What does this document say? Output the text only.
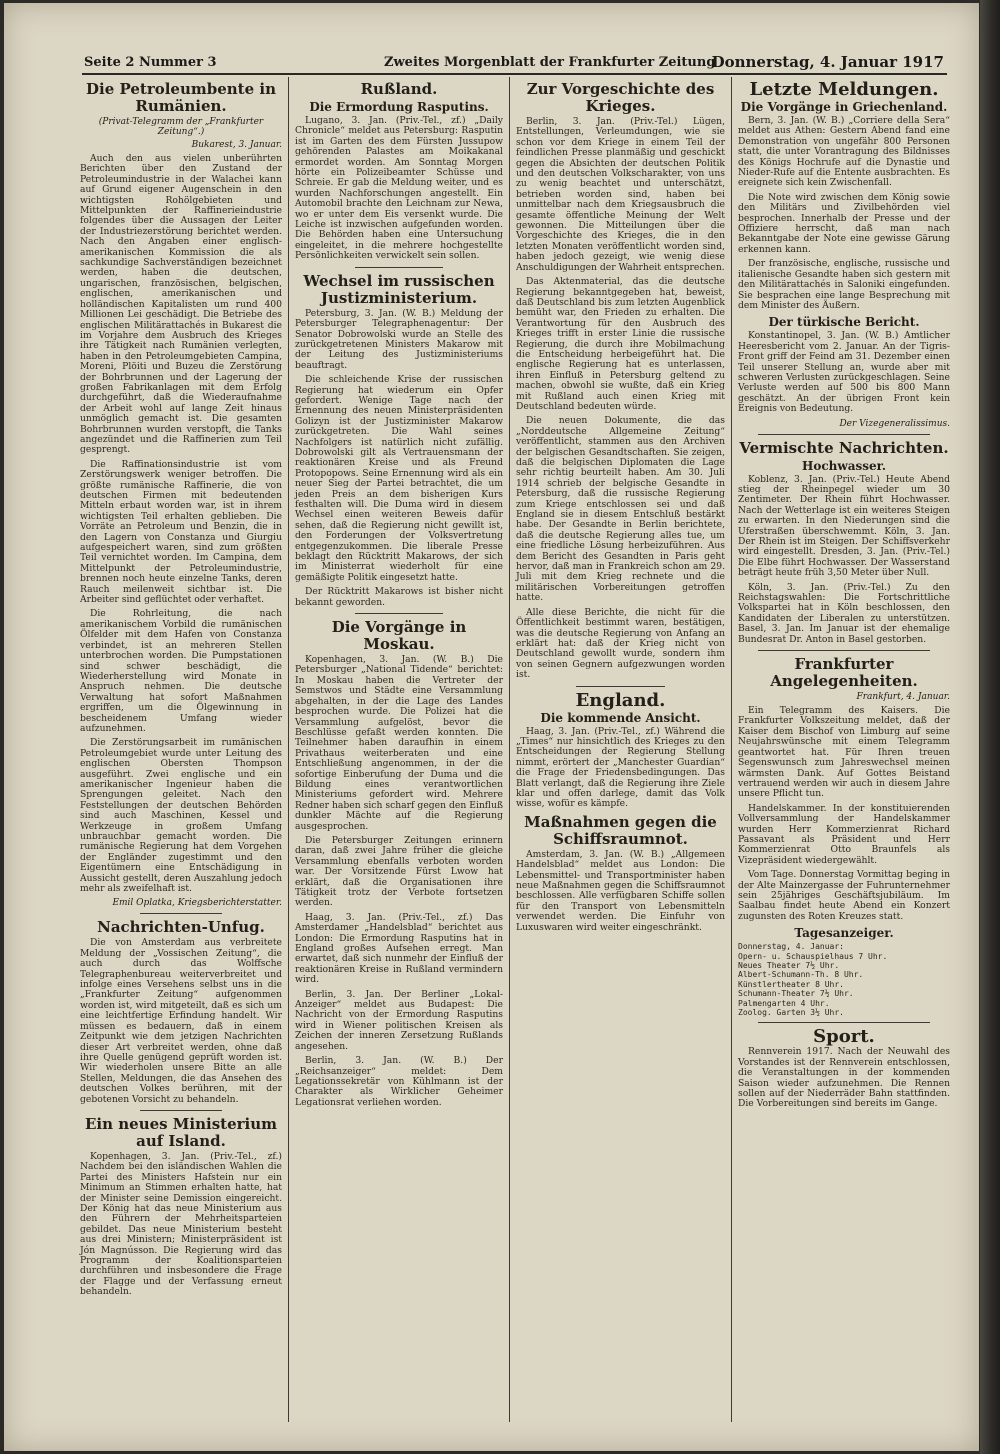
Seite 2 Nummer 3	Zweites Morgenblatt der Frankfurter Zeitung
Donnerstag, 4. Januar 1917
Die Petroleumbente in Rumänien.
(Privat-Telegramm der „Frankfurter Zeitung“.)
Bukarest, 3. Januar.

Auch den aus vielen unberührten Berichten über den Zustand der Petroleumindustrie in der Walachei kann auf Grund eigener Augenschein in den wichtigsten Rohölgebieten und Mittelpunkten der Raffinerieindustrie folgendes über die Aussagen der Leiter der Industriezerstörung berichtet werden. Nach den Angaben einer englisch-amerikanischen Kommission die als sachkundige Sachverständigen bezeichnet werden, haben die deutschen, ungarischen, französischen, belgischen, englischen, amerikanischen und holländischen Kapitalisten um rund 400 Millionen Lei geschädigt. Die Betriebe des englischen Militärattachés in Bukarest die im Vorjahre dem Ausbruch des Krieges ihre Tätigkeit nach Rumänien verlegten, haben in den Petroleumgebieten Campina, Moreni, Plöiti und Buzeu die Zerstörung der Bohrbrunnen und der Lagerung der großen Fabrikanlagen mit dem Erfolg durchgeführt, daß die Wiederaufnahme der Arbeit wohl auf lange Zeit hinaus unmöglich gemacht ist. Die gesamten Bohrbrunnen wurden verstopft, die Tanks angezündet und die Raffinerien zum Teil gesprengt.

Die Raffinationsindustrie ist vom Zerstörungswerk weniger betroffen. Die größte rumänische Raffinerie, die von deutschen Firmen mit bedeutenden Mitteln erbaut worden war, ist in ihrem wichtigsten Teil erhalten geblieben. Die Vorräte an Petroleum und Benzin, die in den Lagern von Constanza und Giurgiu aufgespeichert waren, sind zum größten Teil vernichtet worden. Im Campina, dem Mittelpunkt der Petroleumindustrie, brennen noch heute einzelne Tanks, deren Rauch meilenweit sichtbar ist. Die Arbeiter sind geflüchtet oder verhaftet.

Die Rohrleitung, die nach amerikanischem Vorbild die rumänischen Ölfelder mit dem Hafen von Constanza verbindet, ist an mehreren Stellen unterbrochen worden. Die Pumpstationen sind schwer beschädigt, die Wiederherstellung wird Monate in Anspruch nehmen. Die deutsche Verwaltung hat sofort Maßnahmen ergriffen, um die Ölgewinnung in bescheidenem Umfang wieder aufzunehmen.

Die Zerstörungsarbeit im rumänischen Petroleumgebiet wurde unter Leitung des englischen Obersten Thompson ausgeführt. Zwei englische und ein amerikanischer Ingenieur haben die Sprengungen geleitet. Nach den Feststellungen der deutschen Behörden sind auch Maschinen, Kessel und Werkzeuge in großem Umfang unbrauchbar gemacht worden. Die rumänische Regierung hat dem Vorgehen der Engländer zugestimmt und den Eigentümern eine Entschädigung in Aussicht gestellt, deren Auszahlung jedoch mehr als zweifelhaft ist.

Emil Oplatka, Kriegsberichterstatter.
Nachrichten-Unfug.

Die von Amsterdam aus verbreitete Meldung der „Vossischen Zeitung“, die auch durch das Wolffsche Telegraphenbureau weiterverbreitet und infolge eines Versehens selbst uns in die „Frankfurter Zeitung“ aufgenommen worden ist, wird mitgeteilt, daß es sich um eine leichtfertige Erfindung handelt. Wir müssen es bedauern, daß in einem Zeitpunkt wie dem jetzigen Nachrichten dieser Art verbreitet werden, ohne daß ihre Quelle genügend geprüft worden ist. Wir wiederholen unsere Bitte an alle Stellen, Meldungen, die das Ansehen des deutschen Volkes berühren, mit der gebotenen Vorsicht zu behandeln.

Ein neues Ministerium auf Island.

Kopenhagen, 3. Jan. (Priv.-Tel., zf.) Nachdem bei den isländischen Wahlen die Partei des Ministers Hafstein nur ein Minimum an Stimmen erhalten hatte, hat der Minister seine Demission eingereicht. Der König hat das neue Ministerium aus den Führern der Mehrheitsparteien gebildet. Das neue Ministerium besteht aus drei Ministern; Ministerpräsident ist Jón Magnússon. Die Regierung wird das Programm der Koalitionsparteien durchführen und insbesondere die Frage der Flagge und der Verfassung erneut behandeln.

Rußland.
Die Ermordung Rasputins.

Lugano, 3. Jan. (Priv.-Tel., zf.) „Daily Chronicle“ meldet aus Petersburg: Rasputin ist im Garten des dem Fürsten Jussupow gehörenden Palastes am Moikakanal ermordet worden. Am Sonntag Morgen hörte ein Polizeibeamter Schüsse und Schreie. Er gab die Meldung weiter, und es wurden Nachforschungen angestellt. Ein Automobil brachte den Leichnam zur Newa, wo er unter dem Eis versenkt wurde. Die Leiche ist inzwischen aufgefunden worden. Die Behörden haben eine Untersuchung eingeleitet, in die mehrere hochgestellte Persönlichkeiten verwickelt sein sollen.

Wechsel im russischen Justizministerium.

Petersburg, 3. Jan. (W. B.) Meldung der Petersburger Telegraphenagentur: Der Senator Dobrowolski wurde an Stelle des zurückgetretenen Ministers Makarow mit der Leitung des Justizministeriums beauftragt.

Die schleichende Krise der russischen Regierung hat wiederum ein Opfer gefordert. Wenige Tage nach der Ernennung des neuen Ministerpräsidenten Golizyn ist der Justizminister Makarow zurückgetreten. Die Wahl seines Nachfolgers ist natürlich nicht zufällig. Dobrowolski gilt als Vertrauensmann der reaktionären Kreise und als Freund Protopopows. Seine Ernennung wird als ein neuer Sieg der Partei betrachtet, die um jeden Preis an dem bisherigen Kurs festhalten will. Die Duma wird in diesem Wechsel einen weiteren Beweis dafür sehen, daß die Regierung nicht gewillt ist, den Forderungen der Volksvertretung entgegenzukommen. Die liberale Presse beklagt den Rücktritt Makarows, der sich im Ministerrat wiederholt für eine gemäßigte Politik eingesetzt hatte.

Der Rücktritt Makarows ist bisher nicht bekannt geworden.

Die Vorgänge in Moskau.

Kopenhagen, 3. Jan. (W. B.) Die Petersburger „National Tidende“ berichtet: In Moskau haben die Vertreter der Semstwos und Städte eine Versammlung abgehalten, in der die Lage des Landes besprochen wurde. Die Polizei hat die Versammlung aufgelöst, bevor die Beschlüsse gefaßt werden konnten. Die Teilnehmer haben daraufhin in einem Privathaus weiterberaten und eine Entschließung angenommen, in der die sofortige Einberufung der Duma und die Bildung eines verantwortlichen Ministeriums gefordert wird. Mehrere Redner haben sich scharf gegen den Einfluß dunkler Mächte auf die Regierung ausgesprochen.

Die Petersburger Zeitungen erinnern daran, daß zwei Jahre früher die gleiche Versammlung ebenfalls verboten worden war. Der Vorsitzende Fürst Lwow hat erklärt, daß die Organisationen ihre Tätigkeit trotz der Verbote fortsetzen werden.

Haag, 3. Jan. (Priv.-Tel., zf.) Das Amsterdamer „Handelsblad“ berichtet aus London: Die Ermordung Rasputins hat in England großes Aufsehen erregt. Man erwartet, daß sich nunmehr der Einfluß der reaktionären Kreise in Rußland vermindern wird.

Berlin, 3. Jan. Der Berliner „Lokal-Anzeiger“ meldet aus Budapest: Die Nachricht von der Ermordung Rasputins wird in Wiener politischen Kreisen als Zeichen der inneren Zersetzung Rußlands angesehen.

Berlin, 3. Jan. (W. B.) Der „Reichsanzeiger“ meldet: Dem Legationssekretär von Kühlmann ist der Charakter als Wirklicher Geheimer Legationsrat verliehen worden.

Zur Vorgeschichte des Krieges.

Berlin, 3. Jan. (Priv.-Tel.) Lügen, Entstellungen, Verleumdungen, wie sie schon vor dem Kriege in einem Teil der feindlichen Presse planmäßig und geschickt gegen die Absichten der deutschen Politik und den deutschen Volkscharakter, von uns zu wenig beachtet und unterschätzt, betrieben worden sind, haben bei unmittelbar nach dem Kriegsausbruch die gesamte öffentliche Meinung der Welt gewonnen. Die Mitteilungen über die Vorgeschichte des Krieges, die in den letzten Monaten veröffentlicht worden sind, haben jedoch gezeigt, wie wenig diese Anschuldigungen der Wahrheit entsprechen.

Das Aktenmaterial, das die deutsche Regierung bekanntgegeben hat, beweist, daß Deutschland bis zum letzten Augenblick bemüht war, den Frieden zu erhalten. Die Verantwortung für den Ausbruch des Krieges trifft in erster Linie die russische Regierung, die durch ihre Mobilmachung die Entscheidung herbeigeführt hat. Die englische Regierung hat es unterlassen, ihren Einfluß in Petersburg geltend zu machen, obwohl sie wußte, daß ein Krieg mit Rußland auch einen Krieg mit Deutschland bedeuten würde.

Die neuen Dokumente, die das „Norddeutsche Allgemeine Zeitung“ veröffentlicht, stammen aus den Archiven der belgischen Gesandtschaften. Sie zeigen, daß die belgischen Diplomaten die Lage sehr richtig beurteilt haben. Am 30. Juli 1914 schrieb der belgische Gesandte in Petersburg, daß die russische Regierung zum Kriege entschlossen sei und daß England sie in diesem Entschluß bestärkt habe. Der Gesandte in Berlin berichtete, daß die deutsche Regierung alles tue, um eine friedliche Lösung herbeizuführen. Aus dem Bericht des Gesandten in Paris geht hervor, daß man in Frankreich schon am 29. Juli mit dem Krieg rechnete und die militärischen Vorbereitungen getroffen hatte.

Alle diese Berichte, die nicht für die Öffentlichkeit bestimmt waren, bestätigen, was die deutsche Regierung von Anfang an erklärt hat: daß der Krieg nicht von Deutschland gewollt wurde, sondern ihm von seinen Gegnern aufgezwungen worden ist.

England.
Die kommende Ansicht.

Haag, 3. Jan. (Priv.-Tel., zf.) Während die „Times“ nur hinsichtlich des Krieges zu den Entscheidungen der Regierung Stellung nimmt, erörtert der „Manchester Guardian“ die Frage der Friedensbedingungen. Das Blatt verlangt, daß die Regierung ihre Ziele klar und offen darlege, damit das Volk wisse, wofür es kämpfe.

Maßnahmen gegen die Schiffsraumnot.

Amsterdam, 3. Jan. (W. B.) „Allgemeen Handelsblad“ meldet aus London: Die Lebensmittel- und Transportminister haben neue Maßnahmen gegen die Schiffsraumnot beschlossen. Alle verfügbaren Schiffe sollen für den Transport von Lebensmitteln verwendet werden. Die Einfuhr von Luxuswaren wird weiter eingeschränkt.

Letzte Meldungen.
Die Vorgänge in Griechenland.

Bern, 3. Jan. (W. B.) „Corriere della Sera“ meldet aus Athen: Gestern Abend fand eine Demonstration von ungefähr 800 Personen statt, die unter Vorantragung des Bildnisses des Königs Hochrufe auf die Dynastie und Nieder-Rufe auf die Entente ausbrachten. Es ereignete sich kein Zwischenfall.

Die Note wird zwischen dem König sowie den Militärs und Zivilbehörden viel besprochen. Innerhalb der Presse und der Offiziere herrscht, daß man nach Bekanntgabe der Note eine gewisse Gärung erkennen kann.

Der französische, englische, russische und italienische Gesandte haben sich gestern mit den Militärattachés in Saloniki eingefunden. Sie besprachen eine lange Besprechung mit dem Minister des Äußern.

Der türkische Bericht.

Konstantinopel, 3. Jan. (W. B.) Amtlicher Heeresbericht vom 2. Januar. An der Tigris-Front griff der Feind am 31. Dezember einen Teil unserer Stellung an, wurde aber mit schweren Verlusten zurückgeschlagen. Seine Verluste werden auf 500 bis 800 Mann geschätzt. An der übrigen Front kein Ereignis von Bedeutung.

Der Vizegeneralissimus.
Vermischte Nachrichten.
Hochwasser.

Koblenz, 3. Jan. (Priv.-Tel.) Heute Abend stieg der Rheinpegel wieder um 30 Zentimeter. Der Rhein führt Hochwasser. Nach der Wetterlage ist ein weiteres Steigen zu erwarten. In den Niederungen sind die Uferstraßen überschwemmt. Köln, 3. Jan. Der Rhein ist im Steigen. Der Schiffsverkehr wird eingestellt. Dresden, 3. Jan. (Priv.-Tel.) Die Elbe führt Hochwasser. Der Wasserstand beträgt heute früh 3,50 Meter über Null.

Köln, 3. Jan. (Priv.-Tel.) Zu den Reichstagswahlen: Die Fortschrittliche Volkspartei hat in Köln beschlossen, den Kandidaten der Liberalen zu unterstützen. Basel, 3. Jan. Im Januar ist der ehemalige Bundesrat Dr. Anton in Basel gestorben.

Frankfurter Angelegenheiten.
Frankfurt, 4. Januar.

Ein Telegramm des Kaisers. Die Frankfurter Volkszeitung meldet, daß der Kaiser dem Bischof von Limburg auf seine Neujahrswünsche mit einem Telegramm geantwortet hat. Für Ihren treuen Segenswunsch zum Jahreswechsel meinen wärmsten Dank. Auf Gottes Beistand vertrauend werden wir auch in diesem Jahre unsere Pflicht tun.

Handelskammer. In der konstituierenden Vollversammlung der Handelskammer wurden Herr Kommerzienrat Richard Passavant als Präsident und Herr Kommerzienrat Otto Braunfels als Vizepräsident wiedergewählt.

Vom Tage. Donnerstag Vormittag beging in der Alte Mainzergasse der Fuhrunternehmer sein 25jähriges Geschäftsjubiläum. Im Saalbau findet heute Abend ein Konzert zugunsten des Roten Kreuzes statt.

Tagesanzeiger.
Donnerstag, 4. Januar:
Opern- u. Schauspielhaus 7 Uhr.
Neues Theater 7½ Uhr.
Albert-Schumann-Th. 8 Uhr.
Künstlertheater 8 Uhr.
Schumann-Theater 7½ Uhr.
Palmengarten 4 Uhr.
Zoolog. Garten 3½ Uhr.
Sport.

Rennverein 1917. Nach der Neuwahl des Vorstandes ist der Rennverein entschlossen, die Veranstaltungen in der kommenden Saison wieder aufzunehmen. Die Rennen sollen auf der Niederräder Bahn stattfinden. Die Vorbereitungen sind bereits im Gange.
